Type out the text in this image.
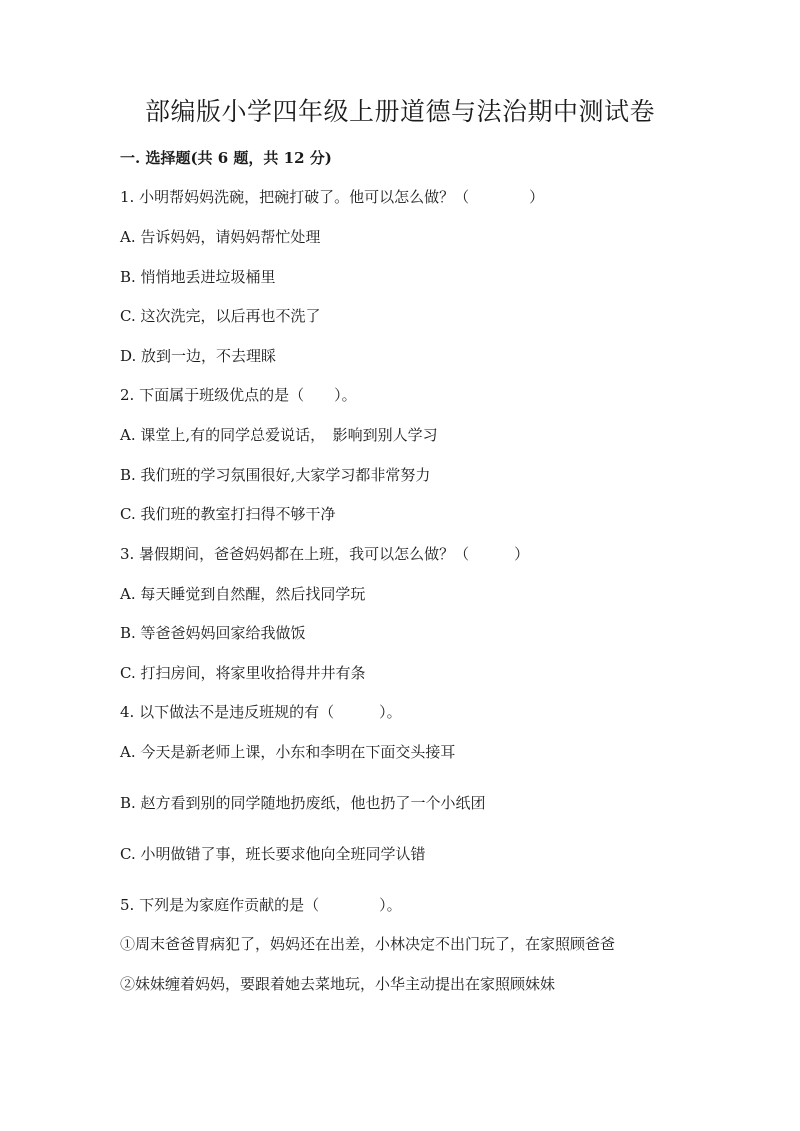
部编版小学四年级上册道德与法治期中测试卷
一. 选择题(共 6 题，共 12 分)
1. 小明帮妈妈洗碗，把碗打破了。他可以怎么做？（　　　　）
A. 告诉妈妈，请妈妈帮忙处理
B. 悄悄地丢进垃圾桶里
C. 这次洗完，以后再也不洗了
D. 放到一边，不去理睬
2. 下面属于班级优点的是（　　）。
A. 课堂上,有的同学总爱说话，　影响到别人学习
B. 我们班的学习氛围很好,大家学习都非常努力
C. 我们班的教室打扫得不够干净
3. 暑假期间，爸爸妈妈都在上班，我可以怎么做？（　　　）
A. 每天睡觉到自然醒，然后找同学玩
B. 等爸爸妈妈回家给我做饭
C. 打扫房间，将家里收拾得井井有条
4. 以下做法不是违反班规的有（　　　）。
A. 今天是新老师上课，小东和李明在下面交头接耳
B. 赵方看到别的同学随地扔废纸，他也扔了一个小纸团
C. 小明做错了事，班长要求他向全班同学认错
5. 下列是为家庭作贡献的是（　　　　）。
①周末爸爸胃病犯了，妈妈还在出差，小林决定不出门玩了，在家照顾爸爸
②妹妹缠着妈妈，要跟着她去菜地玩，小华主动提出在家照顾妹妹
